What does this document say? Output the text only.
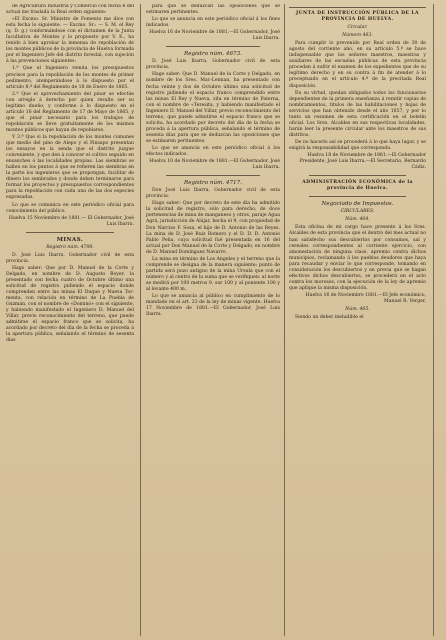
de Agricultura Industria y Comercio con fecha 8 del actual me traslada la Real orden siguiente:

«El Excmo. Sr. Ministro de Fomento me dice con esta fecha lo siguiente. — Excmo. Sr.: — S. M. el Rey (q. D. g.) conformándose con el dictamen de la Junta facultativa de Montes y lo propuesto por V. E., ha tenido á bien aprobar la inmensa de repoblación de los montes públicos de la provincia de Huelva formada por el Ingeniero Jefe del distrito forestal, con sujeción á las prevenciones siguientes:

1.ª Que el Ingeniero remita los presupuestos precisos para la repoblación de los montes de primer pedimento, atemperándose á lo dispuesto por el artículo 8.º del Reglamento de 18 de Enero de 1865.

2.ª Que el aprovechamiento del pinar se efectúe con arreglo á derecho por quien resulte ser su legítimo dueño, y conforme á lo dispuesto en el artículo 16 del Reglamento de 17 de Mayo de 1865, y que el pinar necesario para los trabajos de repoblación se lleve gratuitamente de los mismos montes públicos que hayan de repoblarse.

Y 3.ª Que si la repoblación de los montes comunes que medio del pino de Alepo y el Pinsapo presentan los ensayos en la senda que el distrito juzgue conveniente, y que den á conocer el cultivo seguido en ensanches ó las localidades propias. Las siembras se hallen en los puntos á que se refieren las siembras en la parte los ingenieros que se propongan, facilitar de dinero los sembrados y donde deben terminarse para formar los proyectos y presupuestos correspondientes para la repoblación con cada una de las dos especies expresadas.

Lo que se comunica en este periódico oficial para conocimiento del público.

Huelva 15 Noviembre de 1881.— El Gobernador, José Luis Ibarra.

MINAS.

Registro núm. 4798.

D. José Luis Ibarra, Gobernador civil de esta provincia.

Hago saber: Que por D. Manuel de la Corte y Delgado, en nombre de D. Augusto Boyer, la presentado con fecha cuatro de Octubre último una solicitud de registro pidiendo el espacio donde comprenden entre las minas El Duque y Nueva Tor-menta, con relación en término de La Puebla de Guzmán, con el nombre de «Dominó» con el siguiente, y habiendo manifestado el Ingeniero D. Manuel del Villar, previo reconocimiento del terreno, que puede admitirse el espacio franco que se solicita, ha acordado por decreto del día de la fecha se proceda á la apertura pública, señalando el término de sesenta días

para que se deduzcan las oposiciones que se estimaren pertinentes.

Lo que se anuncia en este periódico oficial á los fines indicados.

Huelva 16 de Noviembre de 1881.—El Gobernador, José Luis Ibarra.

Registro núm. 4673.

D. José Luis Ibarra, Gobernador civil de esta provincia.

Hago saber: Que D. Manuel de la Corte y Delgado, en nombre de los Sres. Mac-Lennan, ha presentado con fecha veinte y dos de Octubre último una solicitud de registro pidiendo el espacio franco comprendido entre las minas El Rey y Nueva, sita en término de Paterna, con el nombre de «Teresita, y habiendo manifestado el Ingeniero D. Manuel del Villar, previo reconocimiento del terreno, que puede admitirse el espacio franco que se solicita, ha acordado por decreto del día de la fecha se proceda á la apertura pública, señalando el término de sesenta días para que se deduzcan las oposiciones que se estimaren pertinentes.

Lo que se anuncia en este periódico oficial á los efectos indicados.

Huelva 10 de Noviembre de 1881.—El Gobernador, José Luis Ibarra.

Registro núm. 4717.

Don José Luis Ibarra, Gobernador civil de esta provincia.

Hago saber: Que por decreto de este día ha admitido la solicitud de registro, sólo para derecho, de doce pertenencias de mina de manganeso y otros, paraje Agua Agrá, jurisdicción de Alájar, hecha el 9, con propiedad de Don Narciso F. Sosa, el hijo de D. Antonio de las Reyes. La mina de D. José Ruiz Romero y el D. D. D. Antonio Pablo Peña, cuya solicitud fué presentada en 16 del actual por Don Manuel de la Corte y Delgado, en nombre de D. Manuel Domínguez Navarro.

La mina en término de Los Angeles y el terreno que la comprende se designa de la manera siguiente: punto de partida será pozo antiguo de la mina Ursula que con el número y al centro de la suma que se verifiquen: al norte se medirá por 100 metros 9, sur 100 y al poniente 100 y al levante 400 m.

Lo que se anuncia al público en cumplimiento de lo mandado en el art. 23 de la ley de minas vigente. Huelva 17 Noviembre de 1881.—El Gobernador, José Luis Ibarra.

JUNTA DE INSTRUCCIÓN PÚBLICA DE LA PROVINCIA DE HUELVA.

Circular.

Número 463.

Para cumplir lo prevenido por Real orden de 30 de agosto del corriente año, en su artículo 5.º se hace indispensable que los señores maestros, maestras y auxiliares de las escuelas públicas de esta provincia procedan á sufrir el examen de los expedientes que de su legítimo derecho y en su contra á fin de atender á lo preceptuado en el artículo 4.º de la precitada Real disposición.

En su virtud, quedan obligados todos los funcionarios dependientes de la primera enseñanza á remitir copias de nombramientos, títulos de las habilitaciones y hojas de servicios que han obtenido desde el año 1857, y por lo tanto un resumen de esta certificación en el boletín oficial. Los Sres. Alcaldes en sus respectivas localidades, harán leer la presente circular ante los maestros de sus distritos.

De no hacerlo así se procederá á lo que haya lugar, y se exigirá la responsabilidad que corresponda.

Huelva 18 de Noviembre de 1881.—El Gobernador Presidente, José Luis Ibarra.—El Secretario, Bernardo Cádiz.

ADMINISTRACIÓN ECONÓMICA de la provincia de Huelva.

Negociado de Impuestos.

CIRCULARES.

Núm. 464.

Esta oficina de mi cargo hace presente á los Sres. Alcaldes de esta provincia que el dentro del mes actual no han satisfecho sus descubiertos por consumos, sal y cereales correspondientes al corriente ejercicio, con amonestación de ninguna clase, apremio contra dichos municipios, reclamando á los pueblos deudores que haya para recaudar y enviar lo que corresponde, tomando en consideración los descubiertos y en previa que se hagan efectivos dichos descubiertos, se procederá en el acto contra los morosos, con la ejecución de la ley de apremio que aplique la misma disposición.

Huelva 16 de Noviembre 1881.—El Jefe económico, Manuel R. Verger.

Núm. 465.

Siendo un deber ineludible el
